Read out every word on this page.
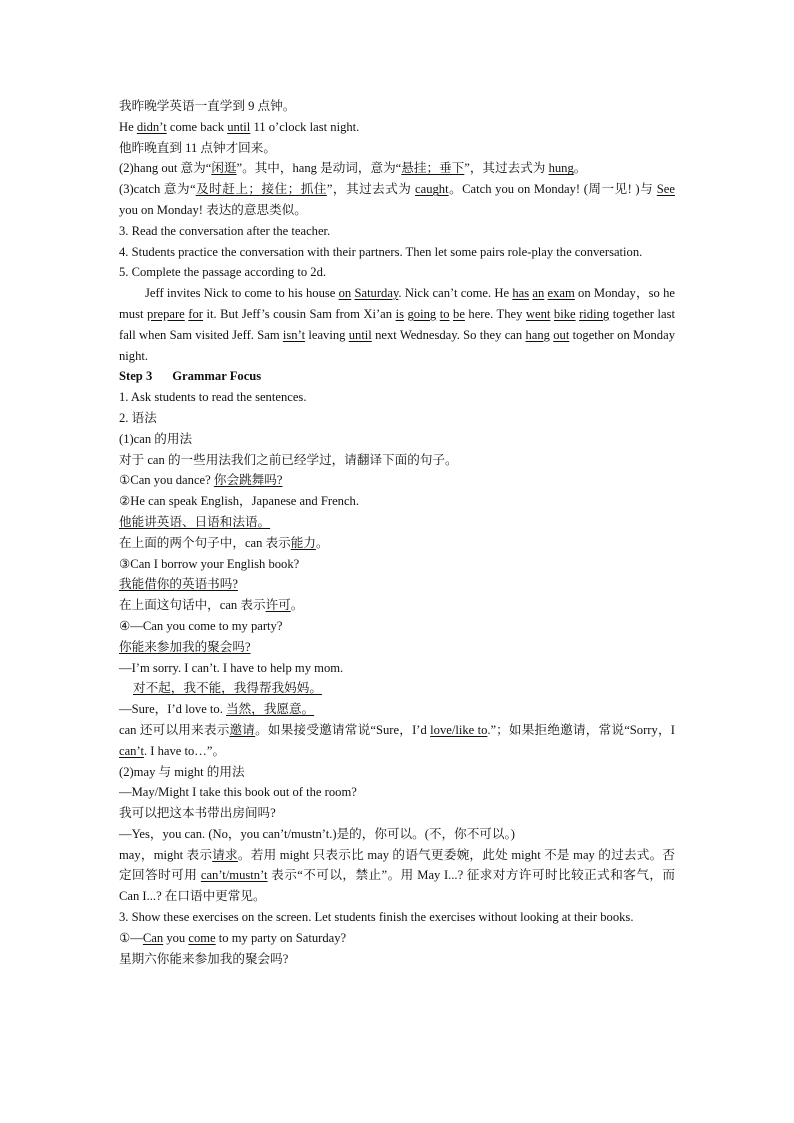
我昨晚学英语一直学到 9 点钟。

He didn’t come back until 11 o’clock last night.

他昨晚直到 11 点钟才回来。

(2)hang out 意为“闲逛”。其中，hang 是动词，意为“悬挂；垂下”，其过去式为 hung。

(3)catch 意为“及时赶上；接住；抓住”，其过去式为 caught。Catch you on Monday! (周一见! )与 See you on Monday! 表达的意思类似。

3. Read the conversation after the teacher.

4. Students practice the conversation with their partners. Then let some pairs role-play the conversation.

5. Complete the passage according to 2d.

Jeff invites Nick to come to his house on Saturday. Nick can’t come. He has an exam on Monday，so he must prepare for it. But Jeff’s cousin Sam from Xi’an is going to be here. They went bike riding together last fall when Sam visited Jeff. Sam isn’t leaving until next Wednesday. So they can hang out together on Monday night.

Step 3 Grammar Focus

1. Ask students to read the sentences.

2. 语法

(1)can 的用法

对于 can 的一些用法我们之前已经学过，请翻译下面的句子。

①Can you dance? 你会跳舞吗?

②He can speak English，Japanese and French.

他能讲英语、日语和法语。

在上面的两个句子中，can 表示能力。

③Can I borrow your English book?

我能借你的英语书吗?

在上面这句话中，can 表示许可。

④—Can you come to my party?

你能来参加我的聚会吗?

—I’m sorry. I can’t. I have to help my mom.

对不起，我不能，我得帮我妈妈。

—Sure，I’d love to. 当然，我愿意。

can 还可以用来表示邀请。如果接受邀请常说“Sure，I’d love/like to.”；如果拒绝邀请，常说“Sorry，I can’t. I have to…”。

(2)may 与 might 的用法

—May/Might I take this book out of the room?

我可以把这本书带出房间吗?

—Yes，you can. (No，you can’t/mustn’t.)是的，你可以。(不，你不可以。)

may，might 表示请求。若用 might 只表示比 may 的语气更委婉，此处 might 不是 may 的过去式。否定回答时可用 can’t/mustn’t 表示“不可以，禁止”。用 May I...? 征求对方许可时比较正式和客气，而 Can I...? 在口语中更常见。

3. Show these exercises on the screen. Let students finish the exercises without looking at their books.

①—Can you come to my party on Saturday?

星期六你能来参加我的聚会吗?
